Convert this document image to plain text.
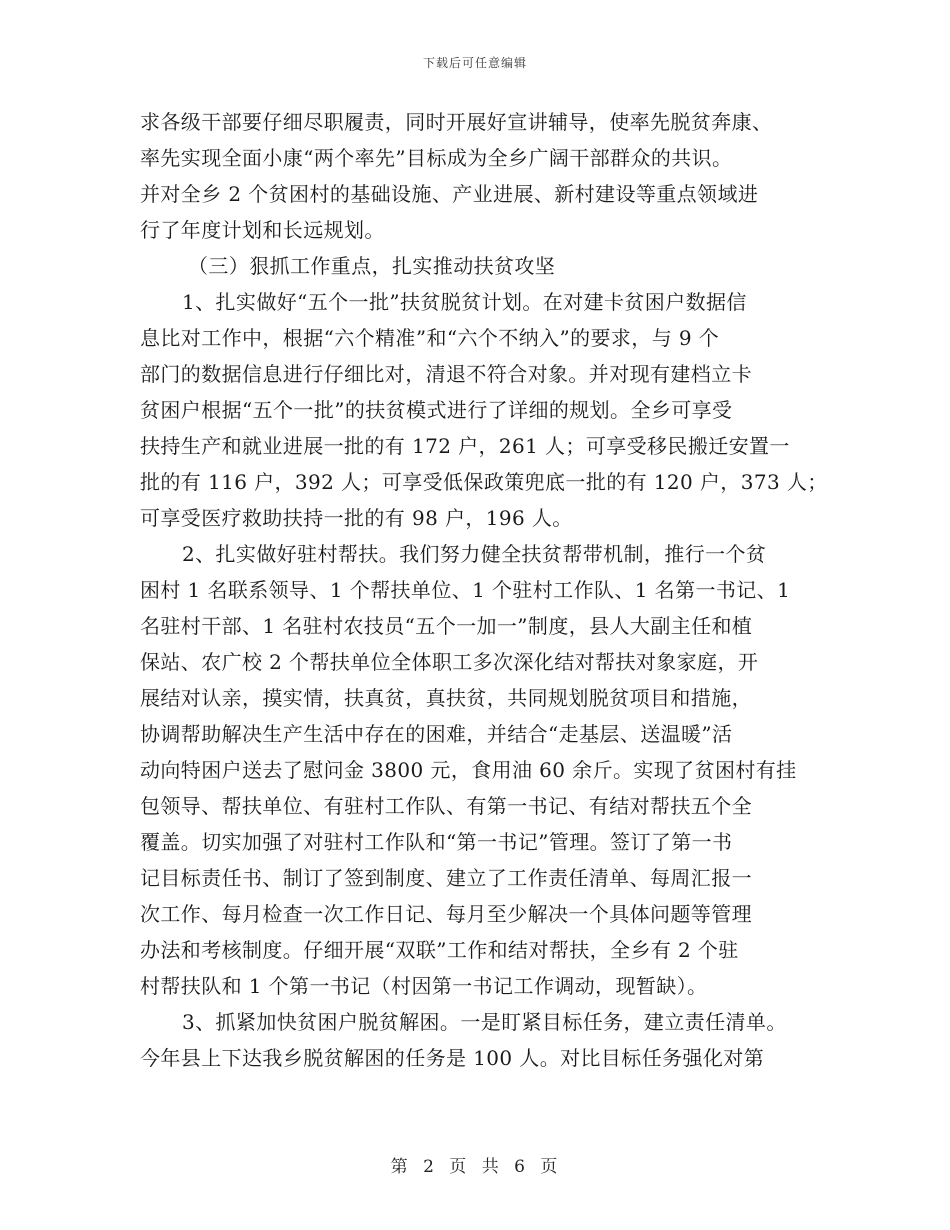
下载后可任意编辑
求各级干部要仔细尽职履责，同时开展好宣讲辅导，使率先脱贫奔康、
率先实现全面小康“两个率先”目标成为全乡广阔干部群众的共识。
并对全乡 2 个贫困村的基础设施、产业进展、新村建设等重点领域进
行了年度计划和长远规划。
（三）狠抓工作重点，扎实推动扶贫攻坚
1、扎实做好“五个一批”扶贫脱贫计划。在对建卡贫困户数据信
息比对工作中，根据“六个精准”和“六个不纳入”的要求，与 9 个
部门的数据信息进行仔细比对，清退不符合对象。并对现有建档立卡
贫困户根据“五个一批”的扶贫模式进行了详细的规划。全乡可享受
扶持生产和就业进展一批的有 172 户，261 人；可享受移民搬迁安置一
批的有 116 户，392 人；可享受低保政策兜底一批的有 120 户，373 人；
可享受医疗救助扶持一批的有 98 户，196 人。
2、扎实做好驻村帮扶。我们努力健全扶贫帮带机制，推行一个贫
困村 1 名联系领导、1 个帮扶单位、1 个驻村工作队、1 名第一书记、1
名驻村干部、1 名驻村农技员“五个一加一”制度，县人大副主任和植
保站、农广校 2 个帮扶单位全体职工多次深化结对帮扶对象家庭，开
展结对认亲，摸实情，扶真贫，真扶贫，共同规划脱贫项目和措施，
协调帮助解决生产生活中存在的困难，并结合“走基层、送温暖”活
动向特困户送去了慰问金 3800 元，食用油 60 余斤。实现了贫困村有挂
包领导、帮扶单位、有驻村工作队、有第一书记、有结对帮扶五个全
覆盖。切实加强了对驻村工作队和“第一书记”管理。签订了第一书
记目标责任书、制订了签到制度、建立了工作责任清单、每周汇报一
次工作、每月检查一次工作日记、每月至少解决一个具体问题等管理
办法和考核制度。仔细开展“双联”工作和结对帮扶，全乡有 2 个驻
村帮扶队和 1 个第一书记（村因第一书记工作调动，现暂缺）。
3、抓紧加快贫困户脱贫解困。一是盯紧目标任务，建立责任清单。
今年县上下达我乡脱贫解困的任务是 100 人。对比目标任务强化对第
第 2 页 共 6 页
